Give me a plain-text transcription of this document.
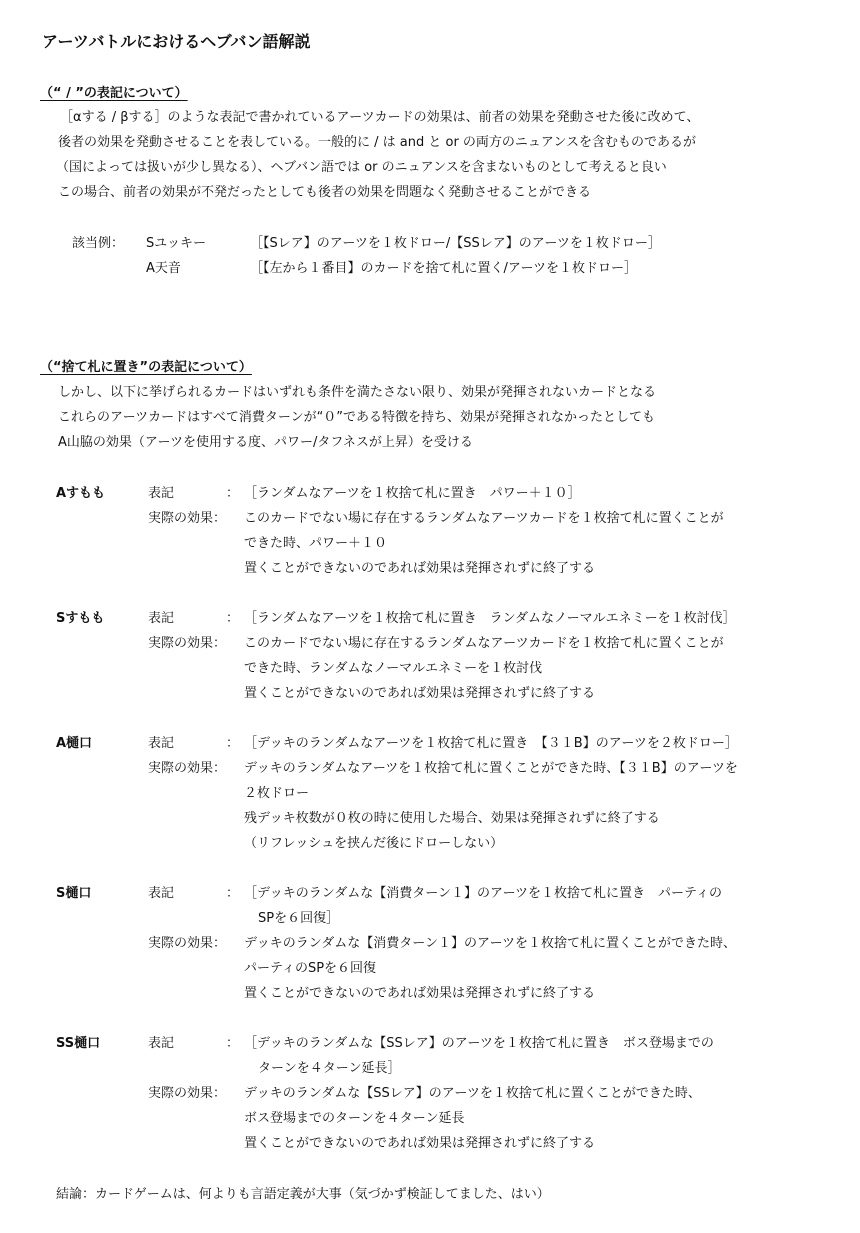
アーツバトルにおけるヘブバン語解説
（“ / ”の表記について）
［αする / βする］のような表記で書かれているアーツカードの効果は、前者の効果を発動させた後に改めて、
後者の効果を発動させることを表している。一般的に / は and と or の両方のニュアンスを含むものであるが
（国によっては扱いが少し異なる）、ヘブバン語では or のニュアンスを含まないものとして考えると良い
この場合、前者の効果が不発だったとしても後者の効果を問題なく発動させることができる
該当例： Sユッキー	［【Sレア】のアーツを１枚ドロー/【SSレア】のアーツを１枚ドロー］
A天音	［【左から１番目】のカードを捨て札に置く/アーツを１枚ドロー］
（“捨て札に置き”の表記について）
しかし、以下に挙げられるカードはいずれも条件を満たさない限り、効果が発揮されないカードとなる
これらのアーツカードはすべて消費ターンが“０”である特徴を持ち、効果が発揮されなかったとしても
A山脇の効果（アーツを使用する度、パワー/タフネスが上昇）を受ける
Aすもも	表記	： ［ランダムなアーツを１枚捨て札に置き　パワー＋１０］
実際の効果： このカードでない場に存在するランダムなアーツカードを１枚捨て札に置くことが
できた時、パワー＋１０
置くことができないのであれば効果は発揮されずに終了する
Sすもも	表記	： ［ランダムなアーツを１枚捨て札に置き　ランダムなノーマルエネミーを１枚討伐］
実際の効果： このカードでない場に存在するランダムなアーツカードを１枚捨て札に置くことが
できた時、ランダムなノーマルエネミーを１枚討伐
置くことができないのであれば効果は発揮されずに終了する
A樋口	表記	： ［デッキのランダムなアーツを１枚捨て札に置き　【３１B】のアーツを２枚ドロー］
実際の効果： デッキのランダムなアーツを１枚捨て札に置くことができた時、【３１B】のアーツを
２枚ドロー
残デッキ枚数が０枚の時に使用した場合、効果は発揮されずに終了する
（リフレッシュを挟んだ後にドローしない）
S樋口	表記	： ［デッキのランダムな【消費ターン１】のアーツを１枚捨て札に置き　パーティの
SPを６回復］
実際の効果： デッキのランダムな【消費ターン１】のアーツを１枚捨て札に置くことができた時、
パーティのSPを６回復
置くことができないのであれば効果は発揮されずに終了する
SS樋口	表記	： ［デッキのランダムな【SSレア】のアーツを１枚捨て札に置き　ボス登場までの
ターンを４ターン延長］
実際の効果： デッキのランダムな【SSレア】のアーツを１枚捨て札に置くことができた時、
ボス登場までのターンを４ターン延長
置くことができないのであれば効果は発揮されずに終了する
結論：カードゲームは、何よりも言語定義が大事（気づかず検証してました、はい）
